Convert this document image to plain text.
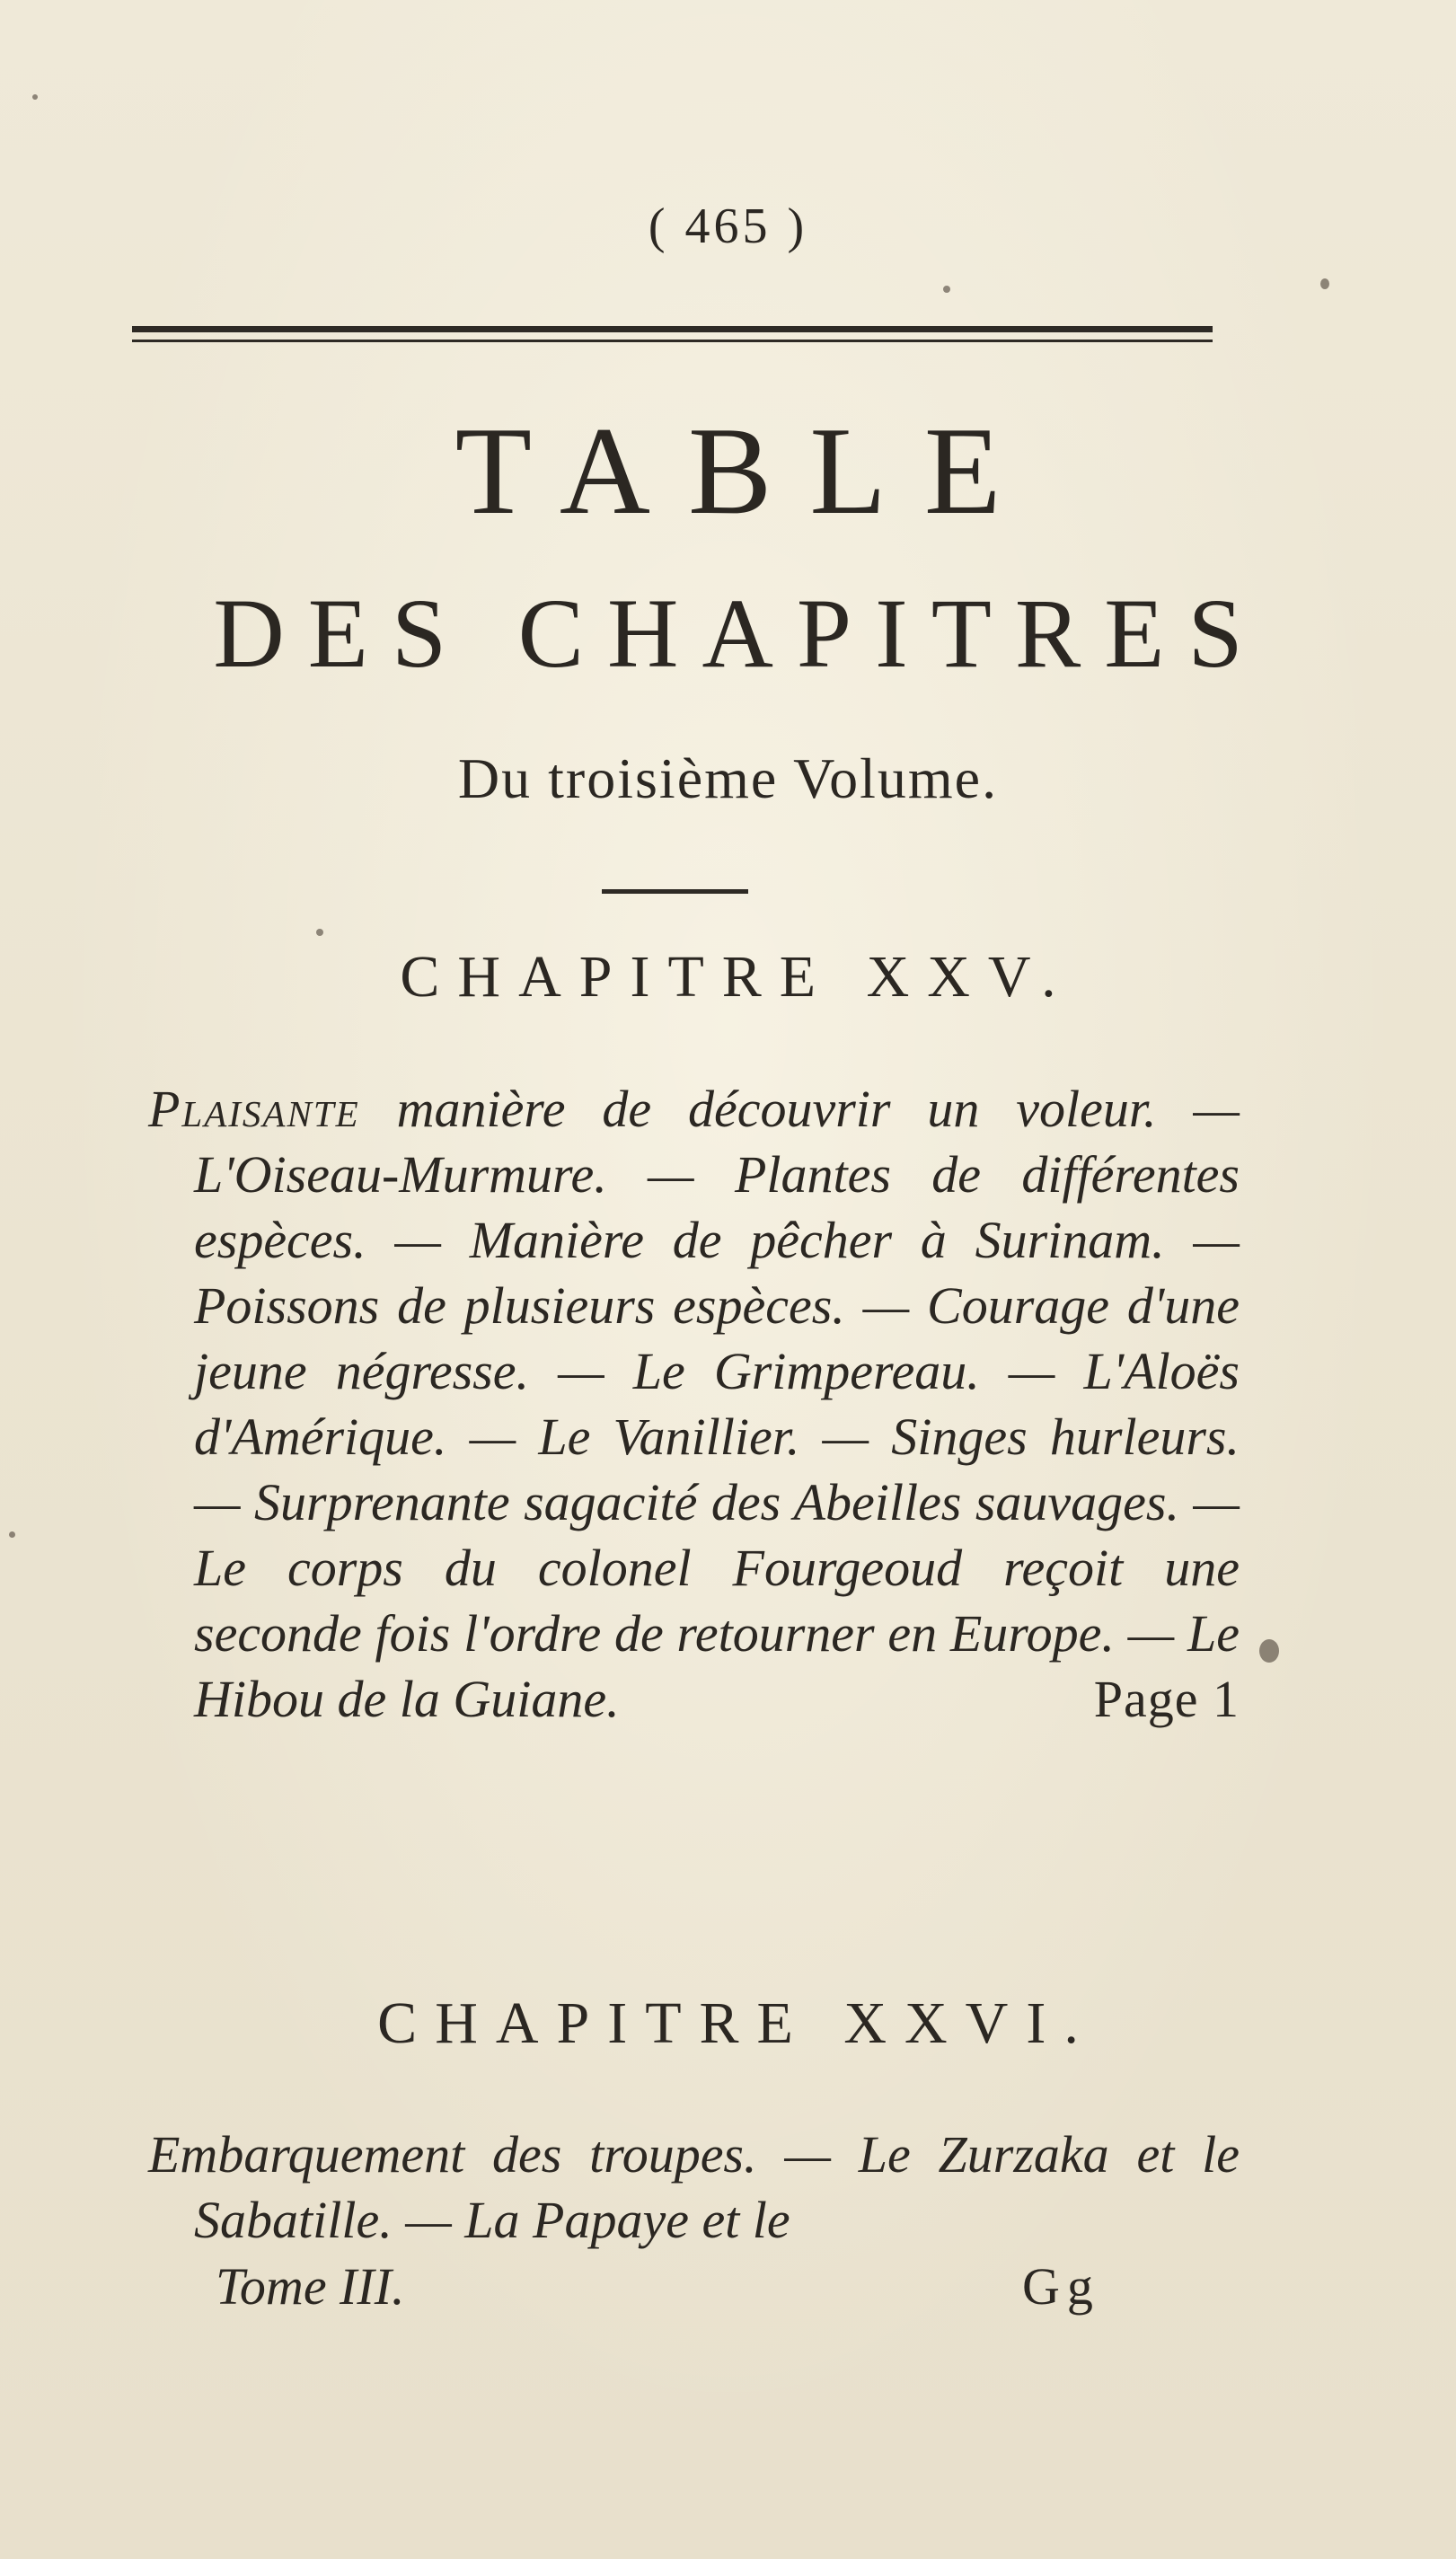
( 465 )
TABLE
DES CHAPITRES
Du troisième Volume.
CHAPITRE XXV.
Plaisante manière de découvrir un voleur. — L'Oiseau-Murmure. — Plantes de différentes espèces. — Manière de pêcher à Surinam. — Poissons de plusieurs espèces. — Courage d'une jeune négresse. — Le Grimpereau. — L'Aloës d'Amérique. — Le Vanillier. — Singes hurleurs. — Surprenante sagacité des Abeilles sauvages. — Le corps du colonel Fourgeoud reçoit une seconde fois l'ordre de retourner en Europe. — Le Hibou de la Guiane.	Page 1
CHAPITRE XXVI.
Embarquement des troupes. — Le Zurzaka et le Sabatille. — La Papaye et le
Tome III.	Gg
